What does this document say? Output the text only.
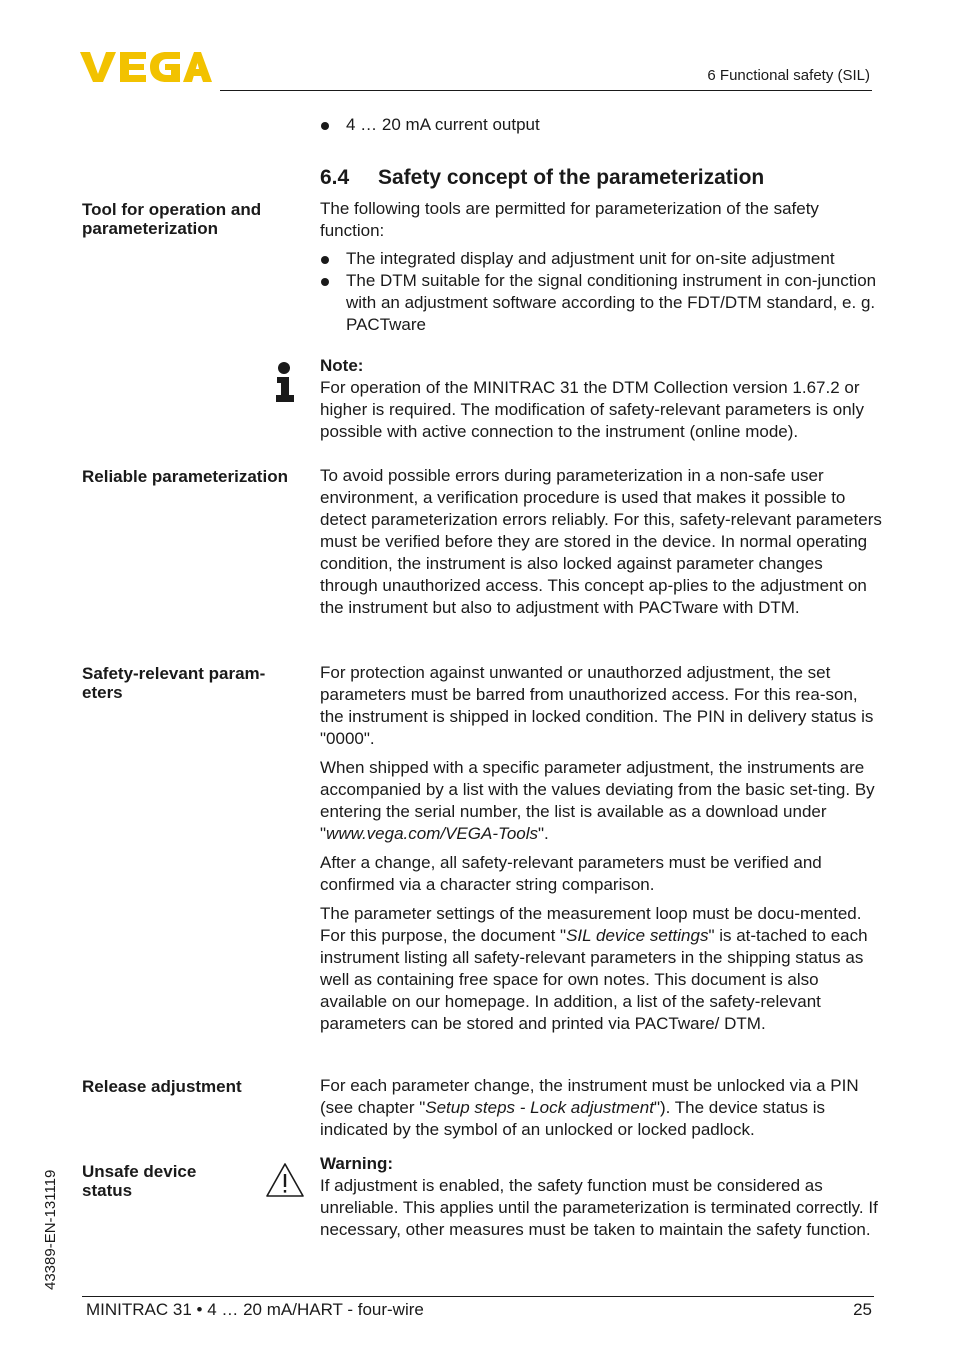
6 Functional safety (SIL)
4 … 20 mA current output
6.4 Safety concept of the parameterization
Tool for operation and parameterization

The following tools are permitted for parameterization of the safety function:

The integrated display and adjustment unit for on-site adjustment
The DTM suitable for the signal conditioning instrument in con-junction with an adjustment software according to the FDT/DTM standard, e. g. PACTware

Note:

For operation of the MINITRAC 31 the DTM Collection version 1.67.2 or higher is required. The modification of safety-relevant parameters is only possible with active connection to the instrument (online mode).

Reliable parameterization	To avoid possible errors during parameterization in a non-safe user environment, a verification procedure is used that makes it possible to detect parameterization errors reliably. For this, safety-relevant parameters must be verified before they are stored in the device. In normal operating condition, the instrument is also locked against parameter changes through unauthorized access. This concept ap-plies to the adjustment on the instrument but also to adjustment with PACTware with DTM.

Safety-relevant param-eters

For protection against unwanted or unauthorzed adjustment, the set parameters must be barred from unauthorized access. For this rea-son, the instrument is shipped in locked condition. The PIN in delivery status is "0000".

When shipped with a specific parameter adjustment, the instruments are accompanied by a list with the values deviating from the basic set-ting. By entering the serial number, the list is available as a download under "www.vega.com/VEGA-Tools".

After a change, all safety-relevant parameters must be verified and confirmed via a character string comparison.

The parameter settings of the measurement loop must be docu-mented. For this purpose, the document "SIL device settings" is at-tached to each instrument listing all safety-relevant parameters in the shipping status as well as containing free space for own notes. This document is also available on our homepage. In addition, a list of the safety-relevant parameters can be stored and printed via PACTware/ DTM.

Release adjustment	For each parameter change, the instrument must be unlocked via a PIN (see chapter "Setup steps - Lock adjustment"). The device status is indicated by the symbol of an unlocked or locked padlock.

Unsafe device status

Warning:

If adjustment is enabled, the safety function must be considered as unreliable. This applies until the parameterization is terminated correctly. If necessary, other measures must be taken to maintain the safety function.

43389-EN-131119
MINITRAC 31 • 4 … 20 mA/HART - four-wire	25
